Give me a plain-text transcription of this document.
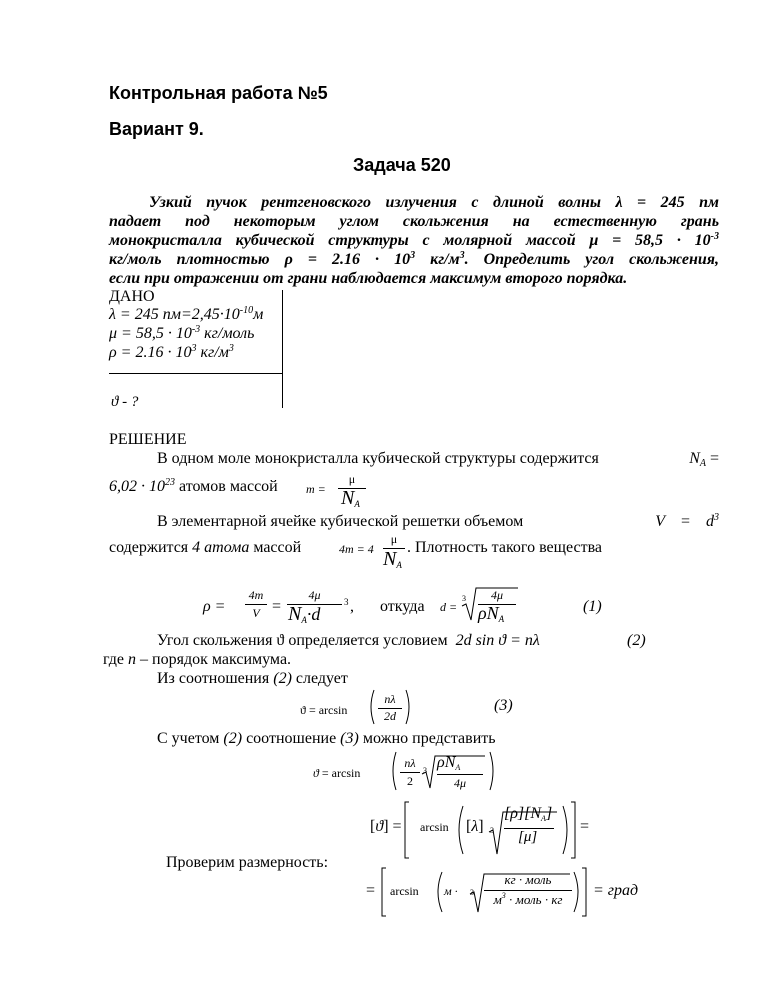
Контрольная работа №5
Вариант 9.
Задача 520
Узкий пучок рентгеновского излучения с длиной волны λ = 245 пм
падает под некоторым углом скольжения на естественную грань
монокристалла кубической структуры с молярной массой $\mu = 58,5 \cdot 10^{-3}$
кг/моль плотностью $\rho = 2.16 \cdot 10^3$ $кг/м^3$. Определить угол скольжения,
если при отражении от грани наблюдается максимум второго порядка.
ДАНО
λ = 245 $пм=2,45\cdot 10^{-10}м$
$\mu = 58,5 \cdot 10^{-3}$ кг/моль
$\rho = 2.16 \cdot 10^3$ $кг/м^3$
ϑ - ?
РЕШЕНИЕ
В одном моле монокристалла кубической структуры содержится	$N_A$ =
$6,02 \cdot 10^{23}$ атомов массой m =
μ
$N_A$
В элементарной ячейке кубической решетки объемом	$V = d^3$
содержится 4 атома массой	4m = 4
μ
$N_A$
. Плотность такого вещества
ρ =
4m
V =
4μ
$N_A\cdot d$
3 , откуда d =
3	4μ
$\rho N_A$
(1)
Угол скольжения ϑ определяется условием 2d sin ϑ = nλ	(2)
где n – порядок максимума.
Из соотношения (2) следует
ϑ = arcsin
nλ
2d
(3)
С учетом (2) соотношение (3) можно представить
ϑ = arcsin
nλ
2
3 $\rho N_A$
4μ
[ϑ] = arcsin [λ] 3
$[\rho][N_A]$
[μ]
=
Проверим размерность:
= arcsin м · 3
кг · моль
$м^3$ · моль · кг
= град
